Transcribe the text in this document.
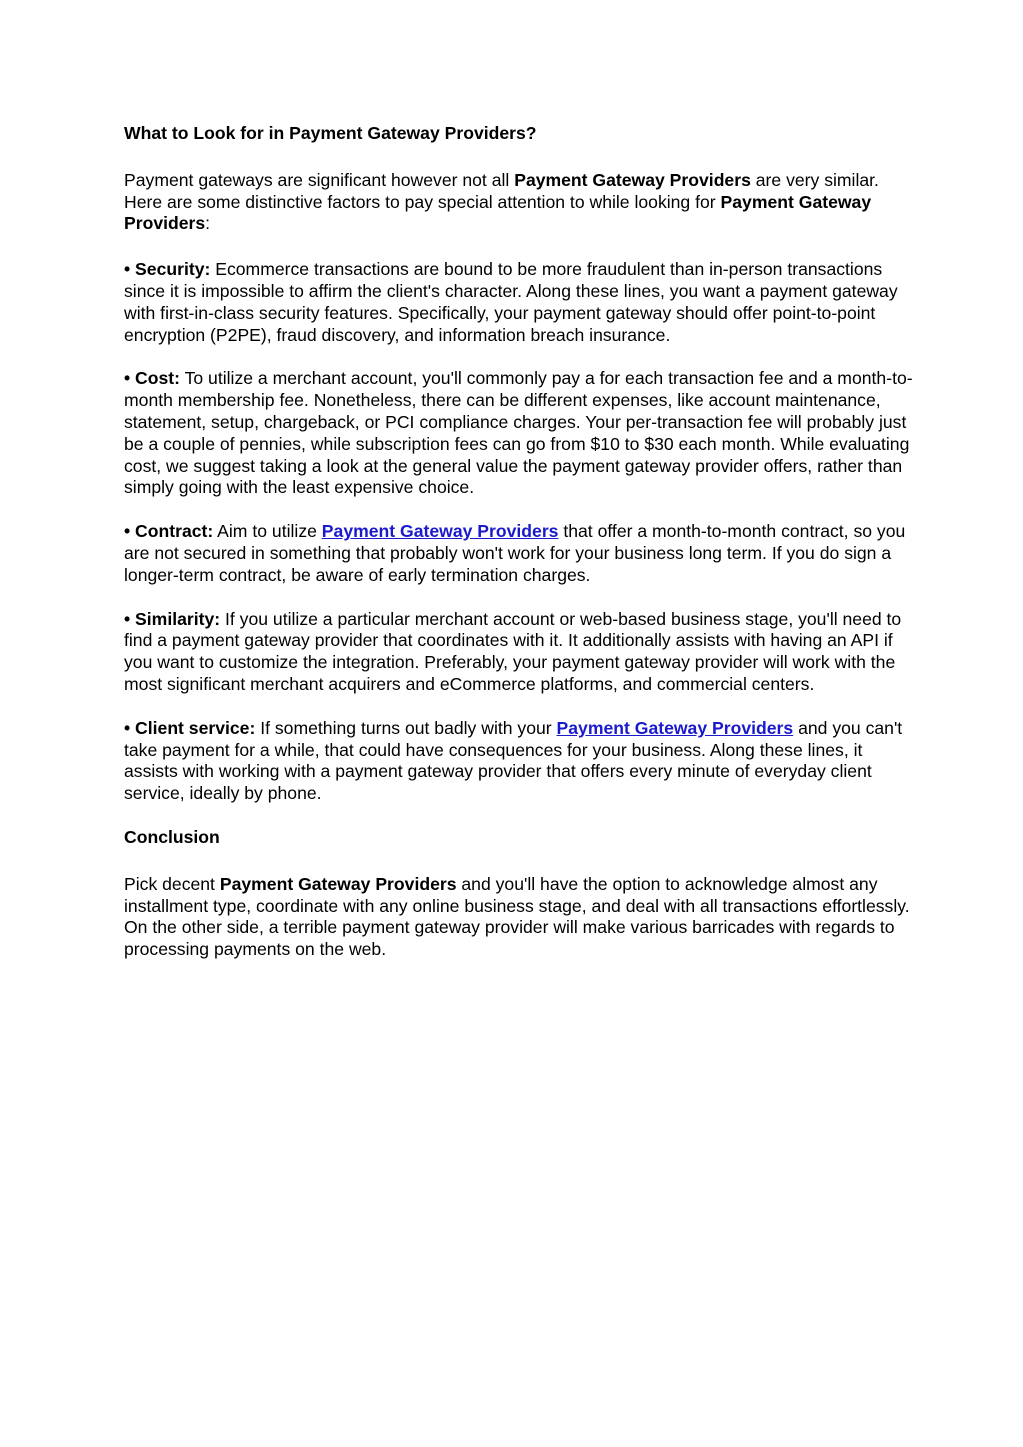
What to Look for in Payment Gateway Providers?

Payment gateways are significant however not all Payment Gateway Providers are very similar. Here are some distinctive factors to pay special attention to while looking for Payment Gateway Providers:

• Security: Ecommerce transactions are bound to be more fraudulent than in-person transactions since it is impossible to affirm the client's character. Along these lines, you want a payment gateway with first-in-class security features. Specifically, your payment gateway should offer point-to-point encryption (P2PE), fraud discovery, and information breach insurance.

• Cost: To utilize a merchant account, you'll commonly pay a for each transaction fee and a month-to-month membership fee. Nonetheless, there can be different expenses, like account maintenance, statement, setup, chargeback, or PCI compliance charges. Your per-transaction fee will probably just be a couple of pennies, while subscription fees can go from $10 to $30 each month. While evaluating cost, we suggest taking a look at the general value the payment gateway provider offers, rather than simply going with the least expensive choice.

• Contract: Aim to utilize Payment Gateway Providers that offer a month-to-month contract, so you are not secured in something that probably won't work for your business long term. If you do sign a longer-term contract, be aware of early termination charges.

• Similarity: If you utilize a particular merchant account or web-based business stage, you'll need to find a payment gateway provider that coordinates with it. It additionally assists with having an API if you want to customize the integration. Preferably, your payment gateway provider will work with the most significant merchant acquirers and eCommerce platforms, and commercial centers.

• Client service: If something turns out badly with your Payment Gateway Providers and you can't take payment for a while, that could have consequences for your business. Along these lines, it assists with working with a payment gateway provider that offers every minute of everyday client service, ideally by phone.

Conclusion

Pick decent Payment Gateway Providers and you'll have the option to acknowledge almost any installment type, coordinate with any online business stage, and deal with all transactions effortlessly. On the other side, a terrible payment gateway provider will make various barricades with regards to processing payments on the web.
